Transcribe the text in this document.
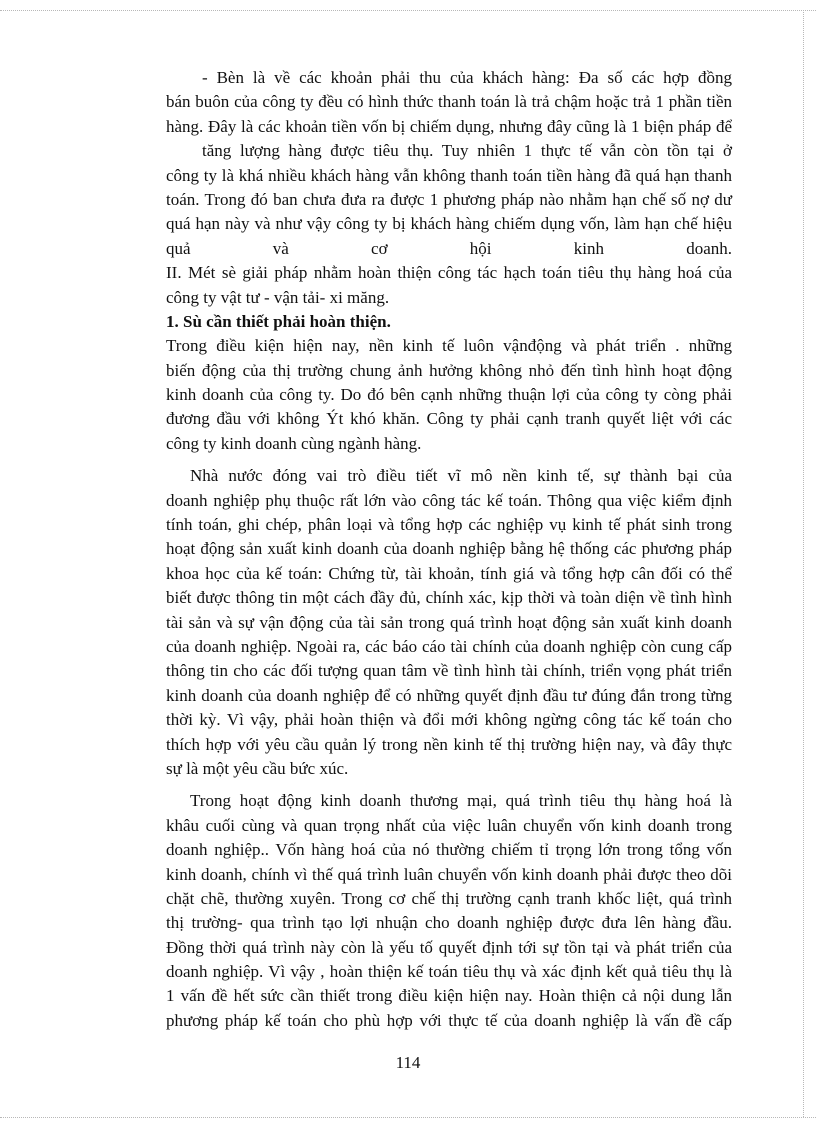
- Bèn là về các khoản phải thu của khách hàng: Đa số các hợp đồng
bán buôn của công ty đều có hình thức thanh toán là trả chậm hoặc trả 1 phần tiền
hàng. Đây là các khoản tiền vốn bị chiếm dụng, nhưng đây cũng là 1 biện pháp để
tăng lượng hàng được tiêu thụ. Tuy nhiên 1 thực tế vẫn còn tồn tại ở
công ty là khá nhiều khách hàng vẫn không thanh toán tiền hàng đã quá hạn thanh
toán. Trong đó ban chưa đưa ra được 1 phương pháp nào nhằm hạn chế số nợ dư
quá hạn này và như vậy công ty bị khách hàng chiếm dụng vốn, làm hạn chế hiệu
quả và cơ hội kinh doanh.
II. Mét sè giải pháp nhằm hoàn thiện công tác hạch toán tiêu thụ hàng hoá của
công ty vật tư - vận tải- xi măng.
1. Sù cần thiết phải hoàn thiện.
Trong điều kiện hiện nay, nền kinh tế luôn vậnđộng và phát triển . những
biến động của thị trường chung ảnh hưởng không nhỏ đến tình hình hoạt động
kinh doanh của công ty. Do đó bên cạnh những thuận lợi của công ty còng phải
đương đầu với không Ýt khó khăn. Công ty phải cạnh tranh quyết liệt với các
công ty kinh doanh cùng ngành hàng.
Nhà nước đóng vai trò điều tiết vĩ mô nền kinh tế, sự thành bại của
doanh nghiệp phụ thuộc rất lớn vào công tác kế toán. Thông qua việc kiểm định
tính toán, ghi chép, phân loại và tổng hợp các nghiệp vụ kinh tế phát sinh trong
hoạt động sản xuất kinh doanh của doanh nghiệp bằng hệ thống các phương pháp
khoa học của kế toán: Chứng từ, tài khoản, tính giá và tổng hợp cân đối có thể
biết được thông tin một cách đầy đủ, chính xác, kịp thời và toàn diện về tình hình
tài sản và sự vận động của tài sản trong quá trình hoạt động sản xuất kinh doanh
của doanh nghiệp. Ngoài ra, các báo cáo tài chính của doanh nghiệp còn cung cấp
thông tin cho các đối tượng quan tâm về tình hình tài chính, triển vọng phát triển
kinh doanh của doanh nghiệp để có những quyết định đầu tư đúng đắn trong từng
thời kỳ. Vì vậy, phải hoàn thiện và đổi mới không ngừng công tác kế toán cho
thích hợp với yêu cầu quản lý trong nền kinh tế thị trường hiện nay, và đây thực
sự là một yêu cầu bức xúc.
Trong hoạt động kinh doanh thương mại, quá trình tiêu thụ hàng hoá là
khâu cuối cùng và quan trọng nhất của việc luân chuyển vốn kinh doanh trong
doanh nghiệp.. Vốn hàng hoá của nó thường chiếm tỉ trọng lớn trong tổng vốn
kinh doanh, chính vì thế quá trình luân chuyển vốn kinh doanh phải được theo dõi
chặt chẽ, thường xuyên. Trong cơ chế thị trường cạnh tranh khốc liệt, quá trình
thị trường- qua trình tạo lợi nhuận cho doanh nghiệp được đưa lên hàng đầu.
Đồng thời quá trình này còn là yếu tố quyết định tới sự tồn tại và phát triển của
doanh nghiệp. Vì vậy , hoàn thiện kế toán tiêu thụ và xác định kết quả tiêu thụ là
1 vấn đề hết sức cần thiết trong điều kiện hiện nay. Hoàn thiện cả nội dung lẫn
phương pháp kế toán cho phù hợp với thực tế của doanh nghiệp là vấn đề cấp
114
